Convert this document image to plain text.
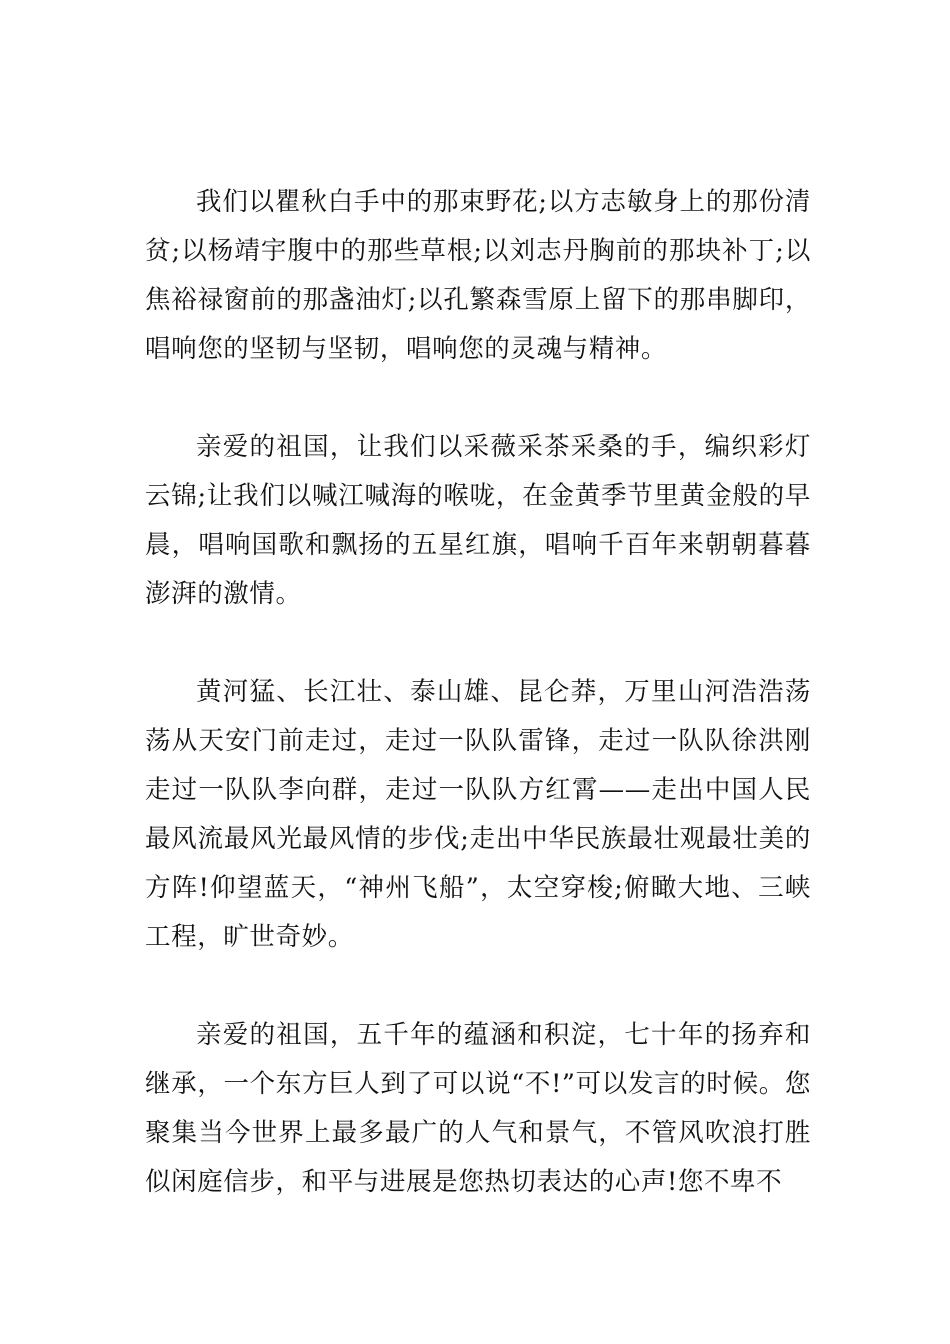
我们以瞿秋白手中的那束野花;以方志敏身上的那份清贫;以杨靖宇腹中的那些草根;以刘志丹胸前的那块补丁;以焦裕禄窗前的那盏油灯;以孔繁森雪原上留下的那串脚印，唱响您的坚韧与坚韧，唱响您的灵魂与精神。

亲爱的祖国，让我们以采薇采茶采桑的手，编织彩灯云锦;让我们以喊江喊海的喉咙，在金黄季节里黄金般的早晨，唱响国歌和飘扬的五星红旗，唱响千百年来朝朝暮暮澎湃的激情。

黄河猛、长江壮、泰山雄、昆仑莽，万里山河浩浩荡荡从天安门前走过，走过一队队雷锋，走过一队队徐洪刚走过一队队李向群，走过一队队方红霄——走出中国人民最风流最风光最风情的步伐;走出中华民族最壮观最壮美的方阵!仰望蓝天，“神州飞船”，太空穿梭;俯瞰大地、三峡工程，旷世奇妙。

亲爱的祖国，五千年的蕴涵和积淀，七十年的扬弃和继承，一个东方巨人到了可以说“不!”可以发言的时候。您聚集当今世界上最多最广的人气和景气，不管风吹浪打胜似闲庭信步，和平与进展是您热切表达的心声!您不卑不
